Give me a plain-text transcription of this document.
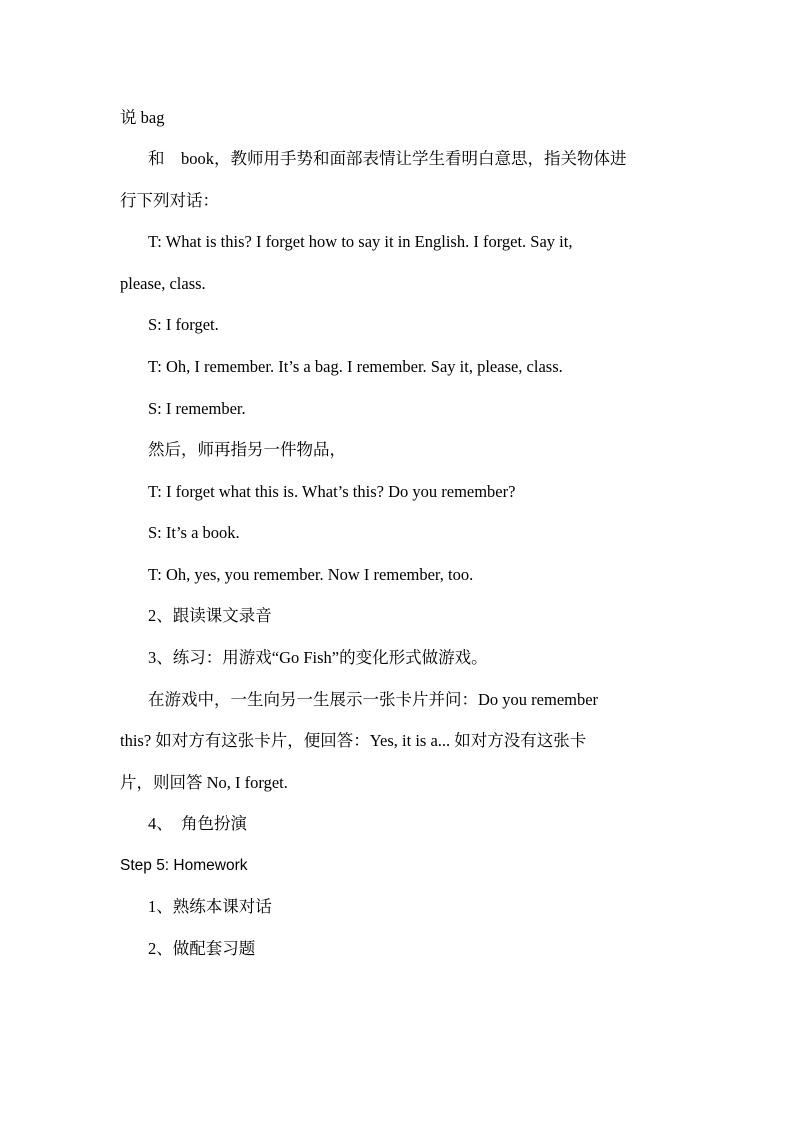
说 bag
和　book，教师用手势和面部表情让学生看明白意思，指关物体进
行下列对话：
T: What is this? I forget how to say it in English. I forget. Say it,
please, class.
S: I forget.
T: Oh, I remember. It’s a bag. I remember. Say it, please, class.
S: I remember.
然后，师再指另一件物品，
T: I forget what this is. What’s this? Do you remember?
S: It’s a book.
T: Oh, yes, you remember. Now I remember, too.
2、跟读课文录音
3、练习：用游戏“Go Fish”的变化形式做游戏。
在游戏中，一生向另一生展示一张卡片并问：Do you remember
this? 如对方有这张卡片，便回答：Yes, it is a... 如对方没有这张卡
片，则回答 No, I forget.
4、　角色扮演
Step 5: Homework
1、熟练本课对话
2、做配套习题
